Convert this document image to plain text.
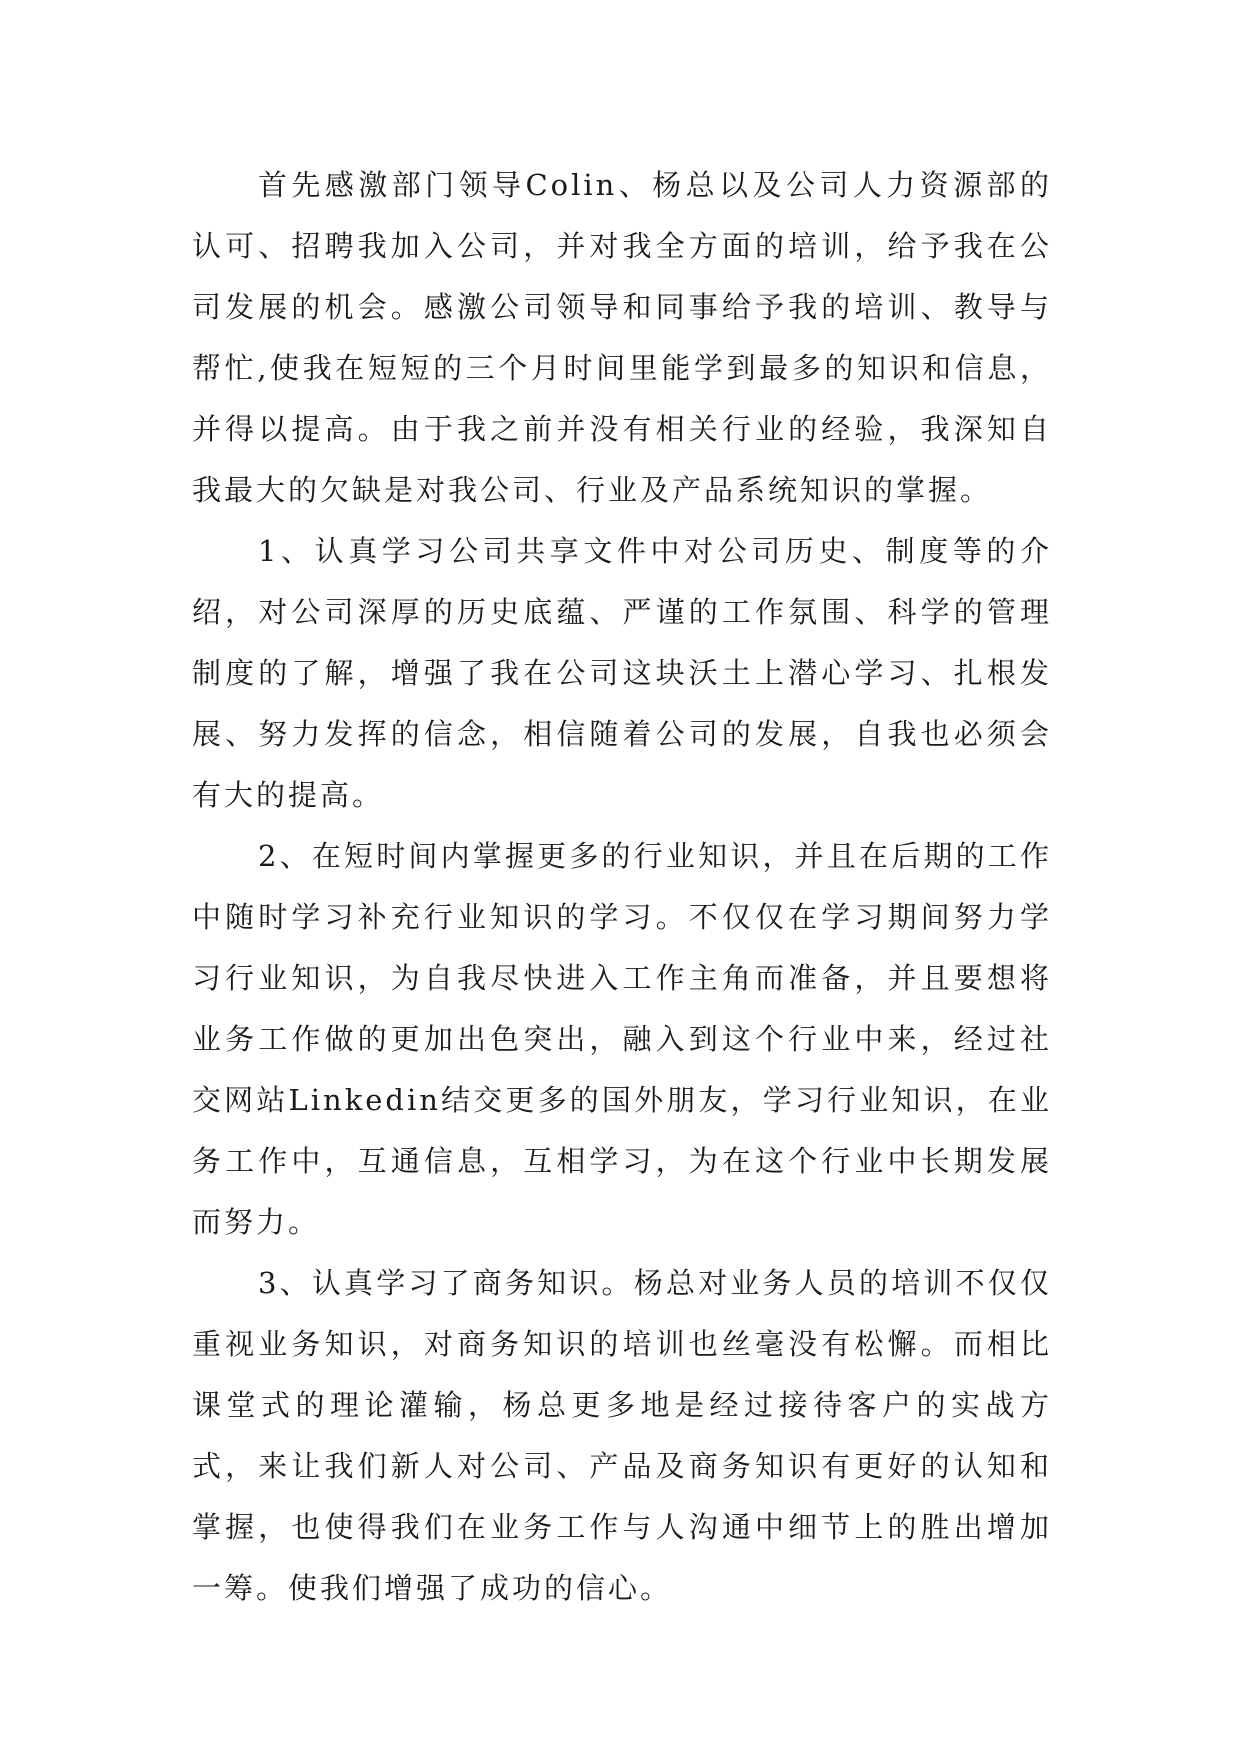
首先感激部门领导Colin、杨总以及公司人力资源部的认可、招聘我加入公司，并对我全方面的培训，给予我在公司发展的机会。感激公司领导和同事给予我的培训、教导与帮忙,使我在短短的三个月时间里能学到最多的知识和信息，并得以提高。由于我之前并没有相关行业的经验，我深知自我最大的欠缺是对我公司、行业及产品系统知识的掌握。

1、认真学习公司共享文件中对公司历史、制度等的介绍，对公司深厚的历史底蕴、严谨的工作氛围、科学的管理制度的了解，增强了我在公司这块沃土上潜心学习、扎根发展、努力发挥的信念，相信随着公司的发展，自我也必须会有大的提高。

2、在短时间内掌握更多的行业知识，并且在后期的工作中随时学习补充行业知识的学习。不仅仅在学习期间努力学习行业知识，为自我尽快进入工作主角而准备，并且要想将业务工作做的更加出色突出，融入到这个行业中来，经过社交网站Linkedin结交更多的国外朋友，学习行业知识，在业务工作中，互通信息，互相学习，为在这个行业中长期发展而努力。

3、认真学习了商务知识。杨总对业务人员的培训不仅仅重视业务知识，对商务知识的培训也丝毫没有松懈。而相比课堂式的理论灌输，杨总更多地是经过接待客户的实战方式，来让我们新人对公司、产品及商务知识有更好的认知和掌握，也使得我们在业务工作与人沟通中细节上的胜出增加一筹。使我们增强了成功的信心。
